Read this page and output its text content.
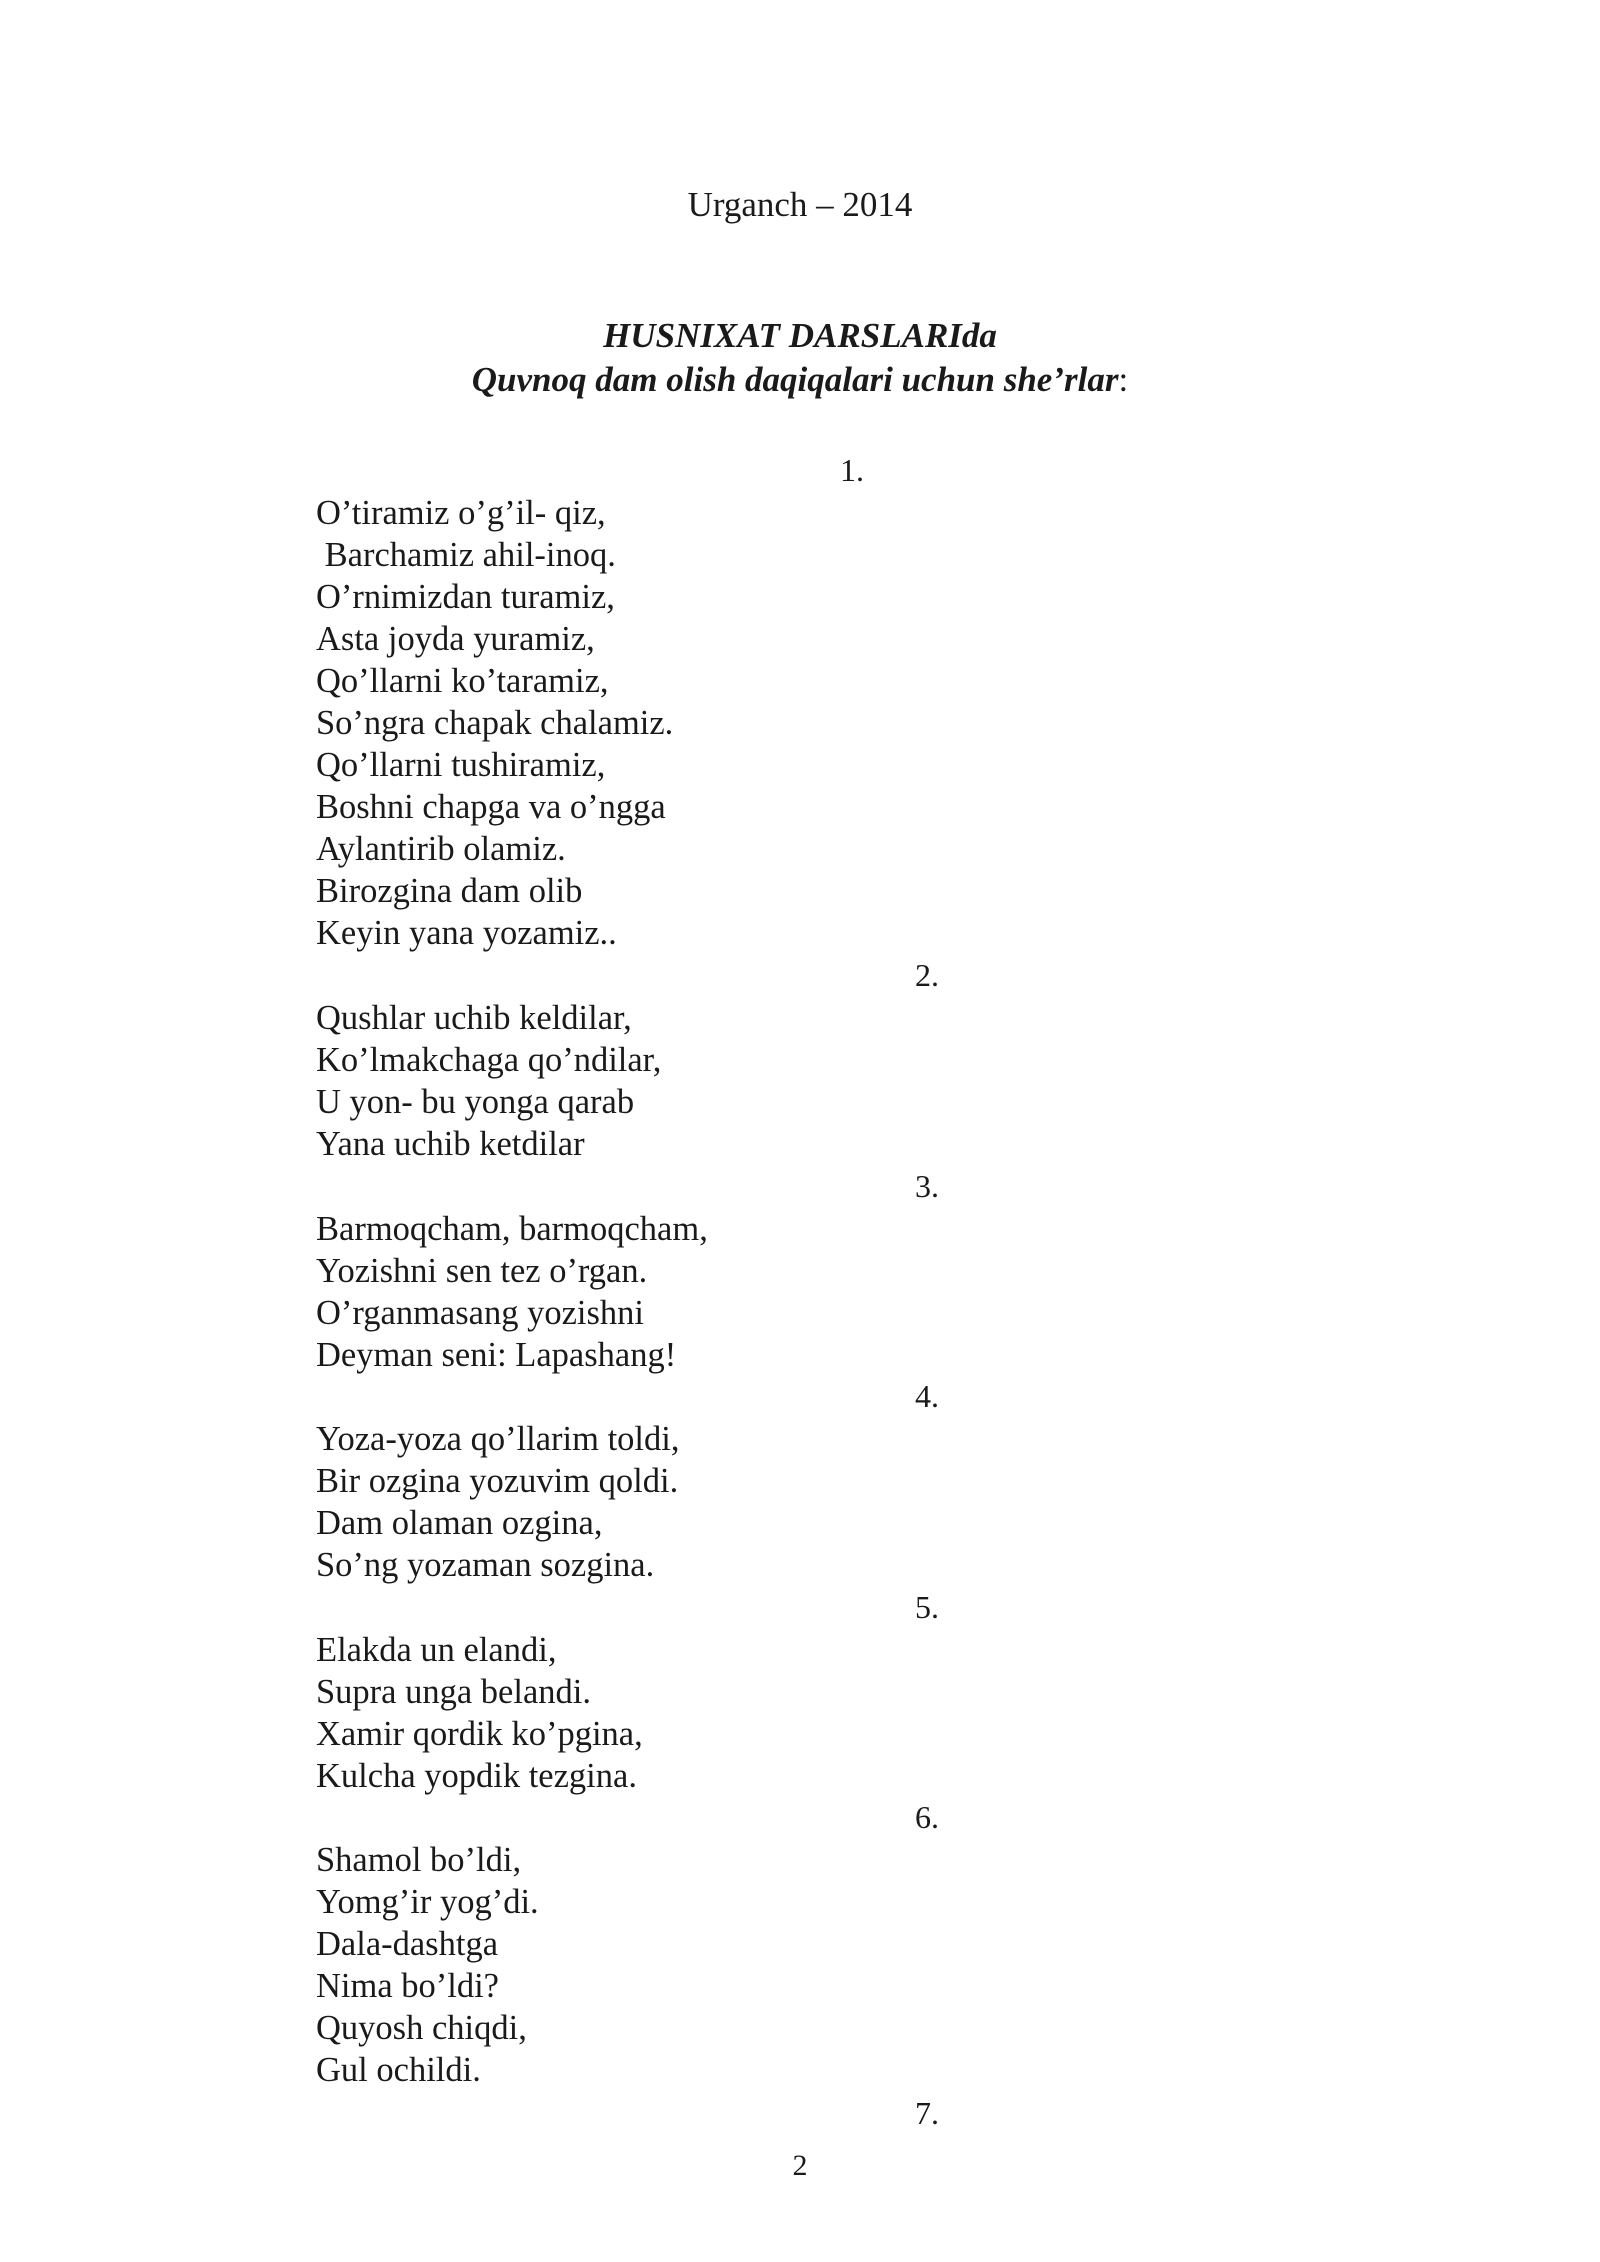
Urganch – 2014
HUSNIXAT DARSLARIda
Quvnoq dam olish daqiqalari uchun she’rlar:
1.
O’tiramiz o’g’il- qiz,
Barchamiz ahil-inoq.
O’rnimizdan turamiz,
Asta joyda yuramiz,
Qo’llarni ko’taramiz,
So’ngra chapak chalamiz.
Qo’llarni tushiramiz,
Boshni chapga va o’ngga
Aylantirib olamiz.
Birozgina dam olib
Keyin yana yozamiz..
2.
Qushlar uchib keldilar,
Ko’lmakchaga qo’ndilar,
U yon- bu yonga qarab
Yana uchib ketdilar
3.
Barmoqcham, barmoqcham,
Yozishni sen tez o’rgan.
O’rganmasang yozishni
Deyman seni: Lapashang!
4.
Yoza-yoza qo’llarim toldi,
Bir ozgina yozuvim qoldi.
Dam olaman ozgina,
So’ng yozaman sozgina.
5.
Elakda un elandi,
Supra unga belandi.
Xamir qordik ko’pgina,
Kulcha yopdik tezgina.
6.
Shamol bo’ldi,
Yomg’ir yog’di.
Dala-dashtga
Nima bo’ldi?
Quyosh chiqdi,
Gul ochildi.
7.
2
